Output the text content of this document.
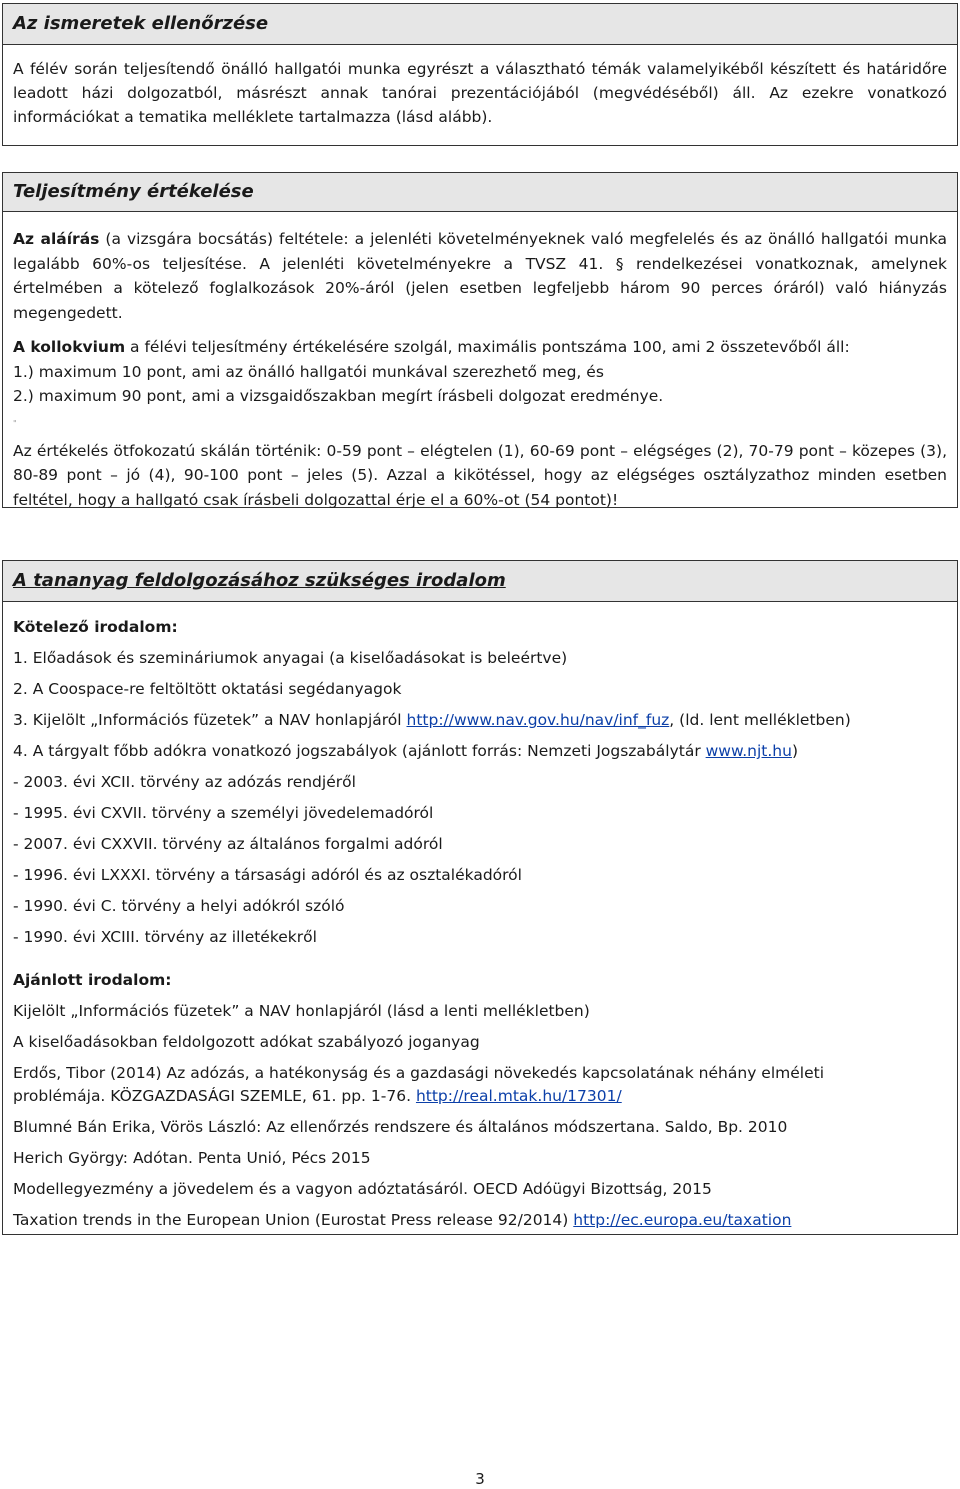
Az ismeretek ellenőrzése

A félév során teljesítendő önálló hallgatói munka egyrészt a választható témák valamelyikéből készített és határidőre leadott házi dolgozatból, másrészt annak tanórai prezentációjából (megvédéséből) áll. Az ezekre vonatkozó információkat a tematika melléklete tartalmazza (lásd alább).

Teljesítmény értékelése

Az aláírás (a vizsgára bocsátás) feltétele: a jelenléti követelményeknek való megfelelés és az önálló hallgatói munka legalább 60%-os teljesítése. A jelenléti követelményekre a TVSZ 41. § rendelkezései vonatkoznak, amelynek értelmében a kötelező foglalkozások 20%-áról (jelen esetben legfeljebb három 90 perces óráról) való hiányzás megengedett.

A kollokvium a félévi teljesítmény értékelésére szolgál, maximális pontszáma 100, ami 2 összetevőből áll:

1.) maximum 10 pont, ami az önálló hallgatói munkával szerezhető meg, és

2.) maximum 90 pont, ami a vizsgaidőszakban megírt írásbeli dolgozat eredménye.

"

Az értékelés ötfokozatú skálán történik: 0-59 pont – elégtelen (1), 60-69 pont – elégséges (2), 70-79 pont – közepes (3), 80-89 pont – jó (4), 90-100 pont – jeles (5). Azzal a kikötéssel, hogy az elégséges osztályzathoz minden esetben feltétel, hogy a hallgató csak írásbeli dolgozattal érje el a 60%-ot (54 pontot)!

A tananyag feldolgozásához szükséges irodalom

Kötelező irodalom:

1. Előadások és szemináriumok anyagai (a kiselőadásokat is beleértve)

2. A Coospace-re feltöltött oktatási segédanyagok

3. Kijelölt „Információs füzetek” a NAV honlapjáról http://www.nav.gov.hu/nav/inf_fuz, (ld. lent mellékletben)

4. A tárgyalt főbb adókra vonatkozó jogszabályok (ajánlott forrás: Nemzeti Jogszabálytár www.njt.hu)

- 2003. évi XCII. törvény az adózás rendjéről

- 1995. évi CXVII. törvény a személyi jövedelemadóról

- 2007. évi CXXVII. törvény az általános forgalmi adóról

- 1996. évi LXXXI. törvény a társasági adóról és az osztalékadóról

- 1990. évi C. törvény a helyi adókról szóló

- 1990. évi XCIII. törvény az illetékekről

Ajánlott irodalom:

Kijelölt „Információs füzetek” a NAV honlapjáról (lásd a lenti mellékletben)

A kiselőadásokban feldolgozott adókat szabályozó joganyag

Erdős, Tibor (2014) Az adózás, a hatékonyság és a gazdasági növekedés kapcsolatának néhány elméleti

problémája. KÖZGAZDASÁGI SZEMLE, 61. pp. 1-76. http://real.mtak.hu/17301/

Blumné Bán Erika, Vörös László: Az ellenőrzés rendszere és általános módszertana. Saldo, Bp. 2010

Herich György: Adótan. Penta Unió, Pécs 2015

Modellegyezmény a jövedelem és a vagyon adóztatásáról. OECD Adóügyi Bizottság, 2015

Taxation trends in the European Union (Eurostat Press release 92/2014) http://ec.europa.eu/taxation

3
